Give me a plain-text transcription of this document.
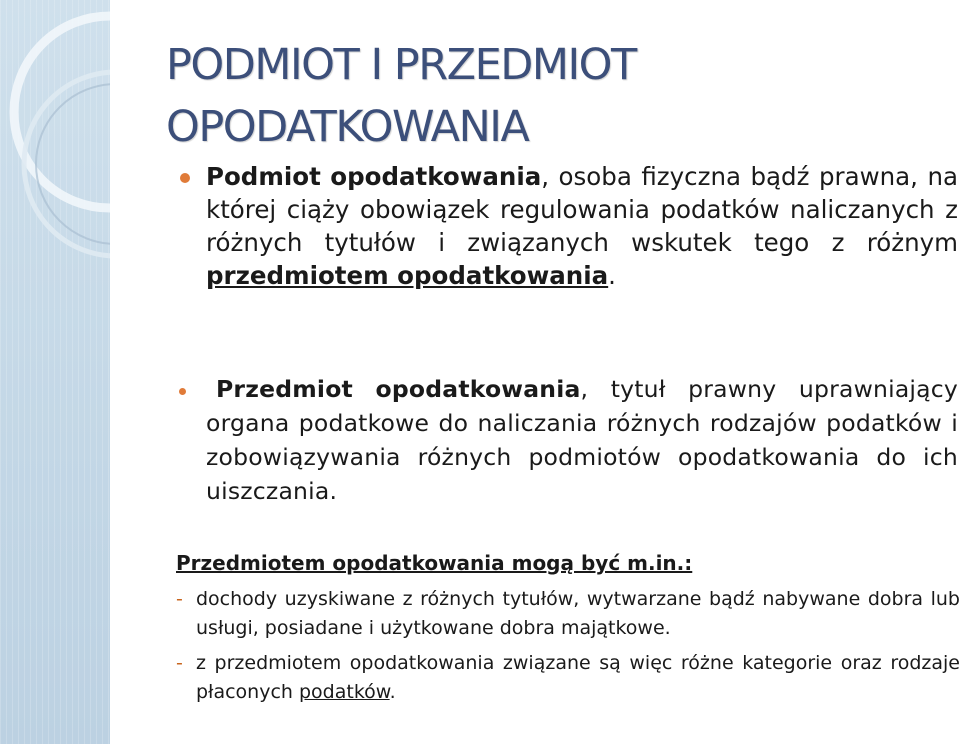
PODMIOT I PRZEDMIOT OPODATKOWANIA

Podmiot opodatkowania, osoba fizyczna bądź prawna, na której ciąży obowiązek regulowania podatków naliczanych z różnych tytułów i związanych wskutek tego z różnym przedmiotem opodatkowania.

Przedmiot opodatkowania, tytuł prawny uprawniający organa podatkowe do naliczania różnych rodzajów podatków i zobowiązywania różnych podmiotów opodatkowania do ich uiszczania.

Przedmiotem opodatkowania mogą być m.in.:
- dochody uzyskiwane z różnych tytułów, wytwarzane bądź nabywane dobra lub usługi, posiadane i użytkowane dobra majątkowe.
- z przedmiotem opodatkowania związane są więc różne kategorie oraz rodzaje płaconych podatków.
